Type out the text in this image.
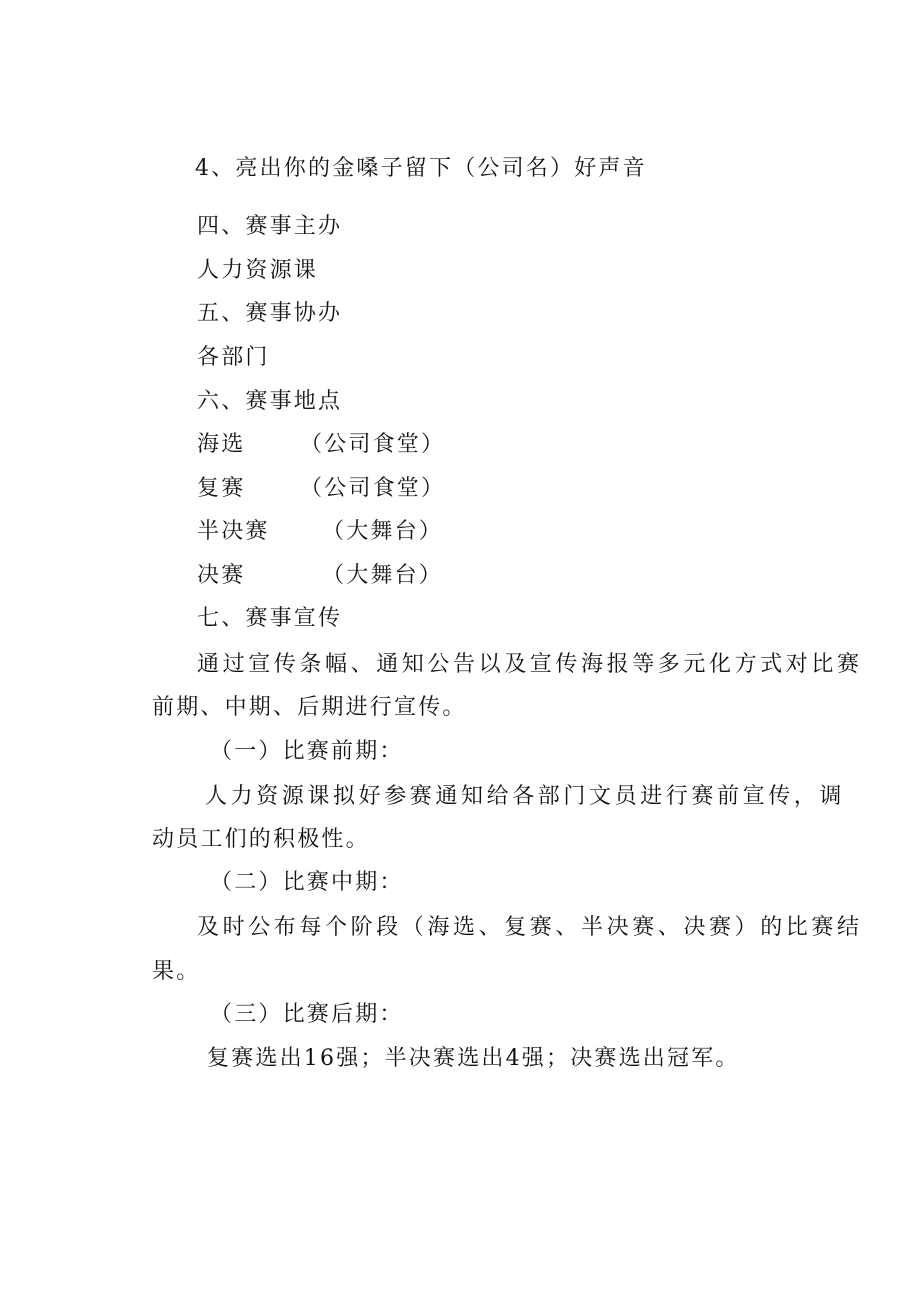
4、亮出你的金嗓子留下（公司名）好声音
四、赛事主办
人力资源课
五、赛事协办
各部门
六、赛事地点
海选 （公司食堂）
复赛 （公司食堂）
半决赛 （大舞台）
决赛	（大舞台）
七、赛事宣传
通过宣传条幅、通知公告以及宣传海报等多元化方式对比赛
前期、中期、后期进行宣传。
（一）比赛前期：
人力资源课拟好参赛通知给各部门文员进行赛前宣传，调
动员工们的积极性。
（二）比赛中期：
及时公布每个阶段（海选、复赛、半决赛、决赛）的比赛结
果。
（三）比赛后期：
复赛选出16强；半决赛选出4强；决赛选出冠军。
